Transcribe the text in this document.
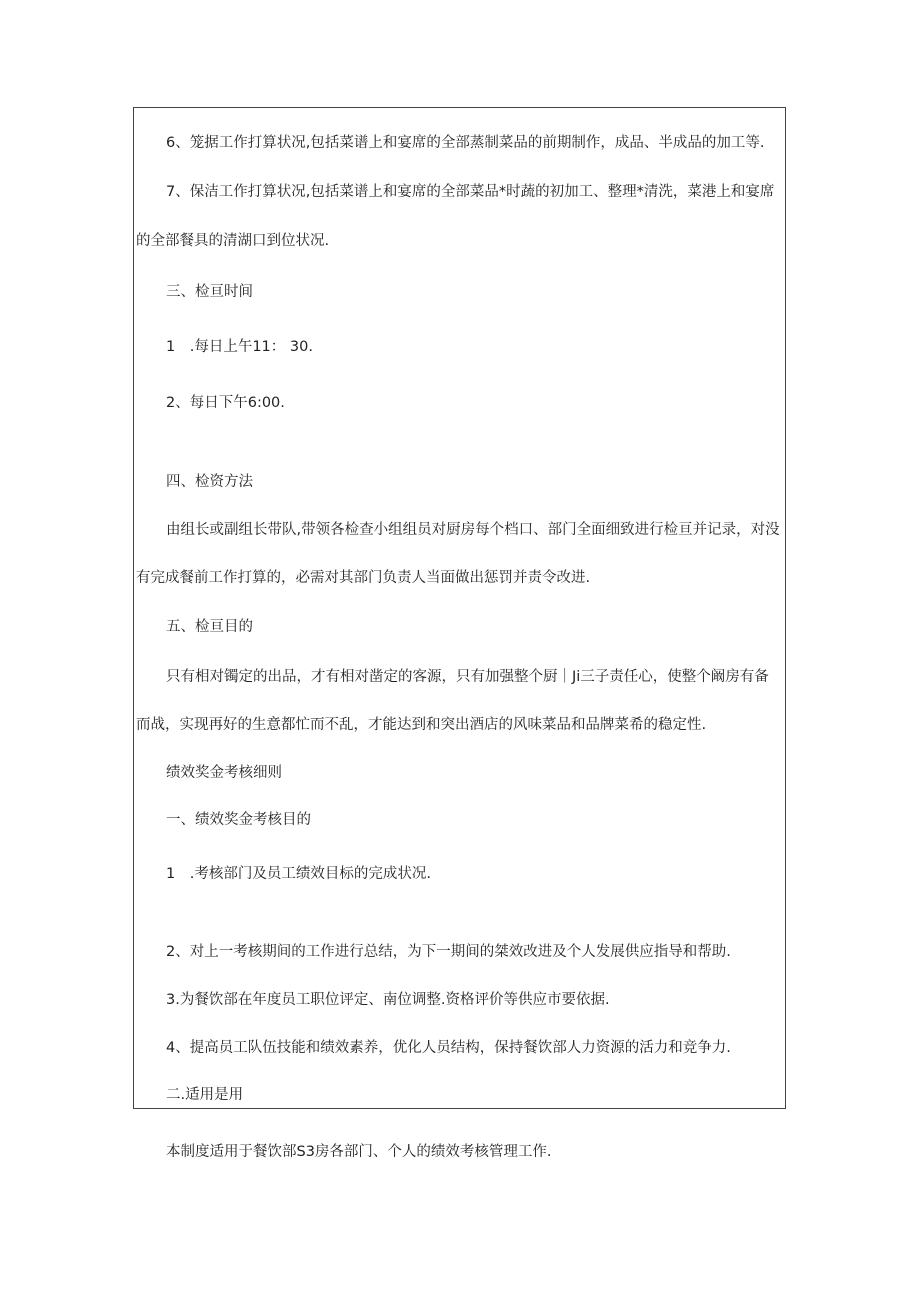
6、笼据工作打算状况,包括菜谱上和宴席的全部蒸制菜品的前期制作，成品、半成品的加工等.
7、保洁工作打算状况,包括菜谱上和宴席的全部菜品*时蔬的初加工、整理*清洗，菜港上和宴席
的全部餐具的清湖口到位状况.
三、检亘时间
1　.每日上午11： 30.
2、每日下午6:00.
四、检资方法
由组长或副组长带队,带领各检查小组组员对厨房每个档口、部门全面细致进行检亘并记录，对没
有完成餐前工作打算的，必需对其部门负责人当面做出惩罚并责令改进.
五、检亘目的
只有相对镯定的出品，才有相对凿定的客源，只有加强整个厨｜Ji三子责任心，使整个阚房有备
而战，实现再好的生意都忙而不乱，才能达到和突出酒店的风味菜品和品牌菜希的稳定性.
绩效奖金考核细则
一、绩效奖金考核目的
1　.考核部门及员工绩效目标的完成状况.
2、对上一考核期间的工作进行总结，为下一期间的桀效改进及个人发展供应指导和帮助.
3.为餐饮部在年度员工职位评定、南位调整.资格评价等供应市要依据.
4、提高员工队伍技能和绩效素养，优化人员结构，保持餐饮部人力资源的活力和竞争力.
二.适用是用
本制度适用于餐饮部S3房各部门、个人的绩效考核管理工作.
